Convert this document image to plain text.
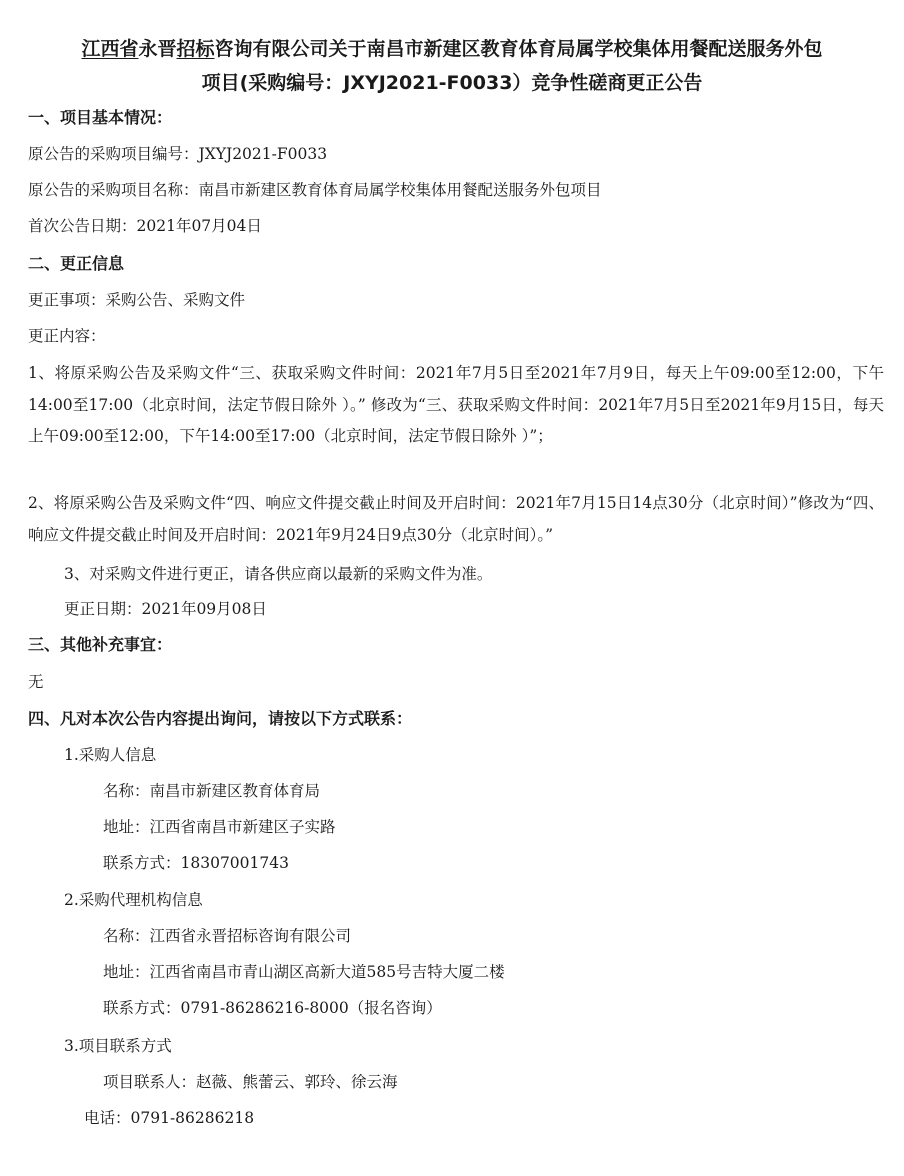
江西省永晋招标咨询有限公司关于南昌市新建区教育体育局属学校集体用餐配送服务外包
项目(采购编号：JXYJ2021-F0033）竞争性磋商更正公告
一、项目基本情况：
原公告的采购项目编号：JXYJ2021-F0033
原公告的采购项目名称：南昌市新建区教育体育局属学校集体用餐配送服务外包项目
首次公告日期：2021年07月04日
二、更正信息
更正事项：采购公告、采购文件
更正内容：
1、将原采购公告及采购文件“三、获取采购文件时间：2021年7月5日至2021年7月9日，每天上午09:00至12:00，下午14:00至17:00（北京时间，法定节假日除外 ）。” 修改为“三、获取采购文件时间：2021年7月5日至2021年9月15日，每天上午09:00至12:00，下午14:00至17:00（北京时间，法定节假日除外 ）”；
2、将原采购公告及采购文件“四、响应文件提交截止时间及开启时间：2021年7月15日14点30分（北京时间）”修改为“四、响应文件提交截止时间及开启时间：2021年9月24日9点30分（北京时间）。”
3、对采购文件进行更正，请各供应商以最新的采购文件为准。
更正日期：2021年09月08日
三、其他补充事宜：
无
四、凡对本次公告内容提出询问，请按以下方式联系：
1.采购人信息
名称：南昌市新建区教育体育局
地址：江西省南昌市新建区子实路
联系方式：18307001743
2.采购代理机构信息
名称：江西省永晋招标咨询有限公司
地址：江西省南昌市青山湖区高新大道585号吉特大厦二楼
联系方式：0791-86286216-8000（报名咨询）
3.项目联系方式
项目联系人：赵薇、熊蕾云、郭玲、徐云海
电话：0791-86286218
